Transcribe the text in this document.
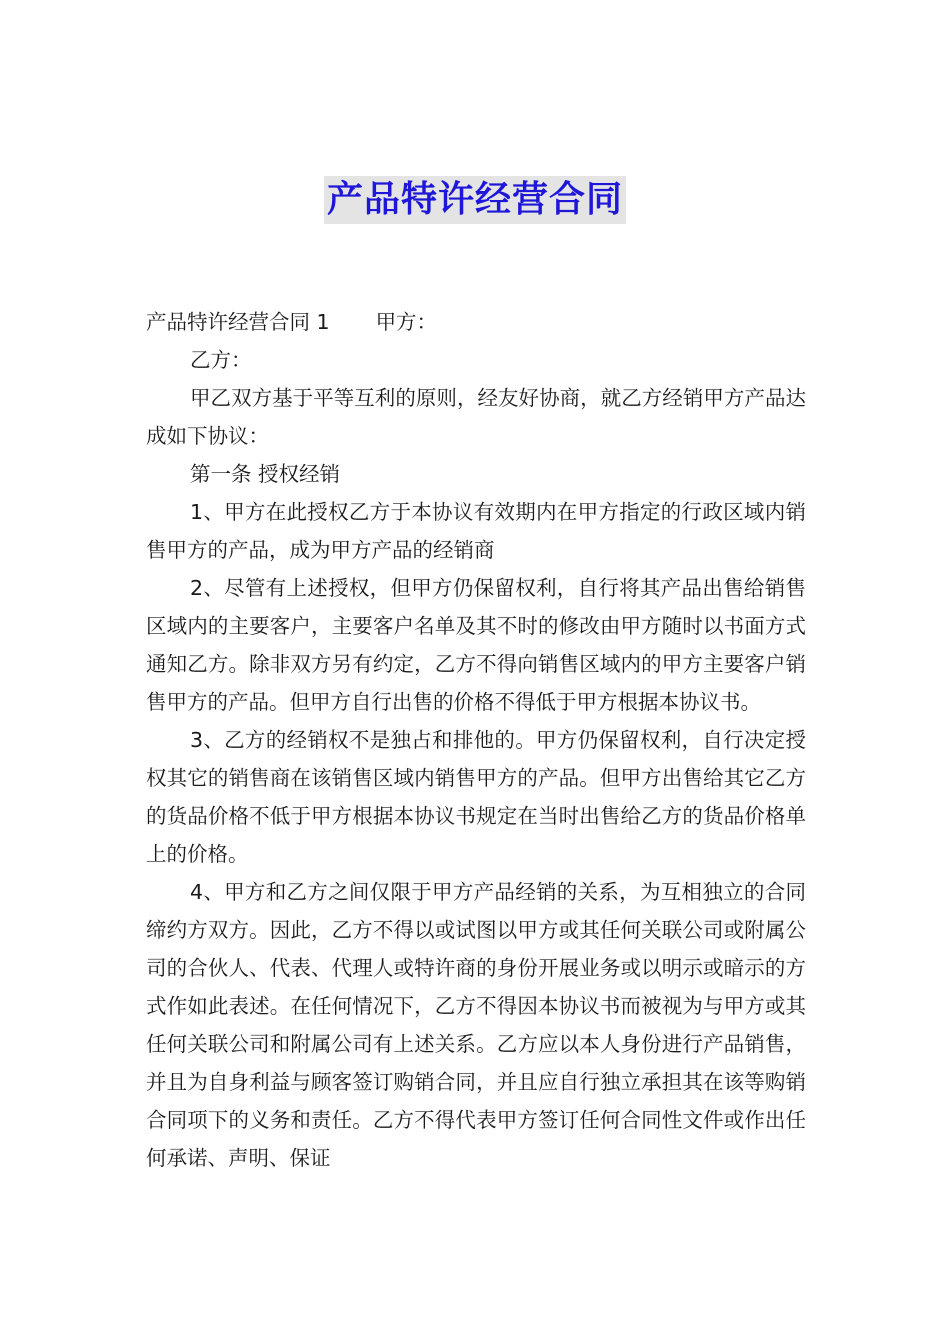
产品特许经营合同

产品特许经营合同 1 甲方：

乙方：

甲乙双方基于平等互利的原则，经友好协商，就乙方经销甲方产品达成如下协议：

第一条 授权经销

1、甲方在此授权乙方于本协议有效期内在甲方指定的行政区域内销售甲方的产品，成为甲方产品的经销商

2、尽管有上述授权，但甲方仍保留权利，自行将其产品出售给销售区域内的主要客户，主要客户名单及其不时的修改由甲方随时以书面方式通知乙方。除非双方另有约定，乙方不得向销售区域内的甲方主要客户销售甲方的产品。但甲方自行出售的价格不得低于甲方根据本协议书。

3、乙方的经销权不是独占和排他的。甲方仍保留权利，自行决定授权其它的销售商在该销售区域内销售甲方的产品。但甲方出售给其它乙方的货品价格不低于甲方根据本协议书规定在当时出售给乙方的货品价格单上的价格。

4、甲方和乙方之间仅限于甲方产品经销的关系，为互相独立的合同缔约方双方。因此，乙方不得以或试图以甲方或其任何关联公司或附属公司的合伙人、代表、代理人或特许商的身份开展业务或以明示或暗示的方式作如此表述。在任何情况下，乙方不得因本协议书而被视为与甲方或其任何关联公司和附属公司有上述关系。乙方应以本人身份进行产品销售，并且为自身利益与顾客签订购销合同，并且应自行独立承担其在该等购销合同项下的义务和责任。乙方不得代表甲方签订任何合同性文件或作出任何承诺、声明、保证
